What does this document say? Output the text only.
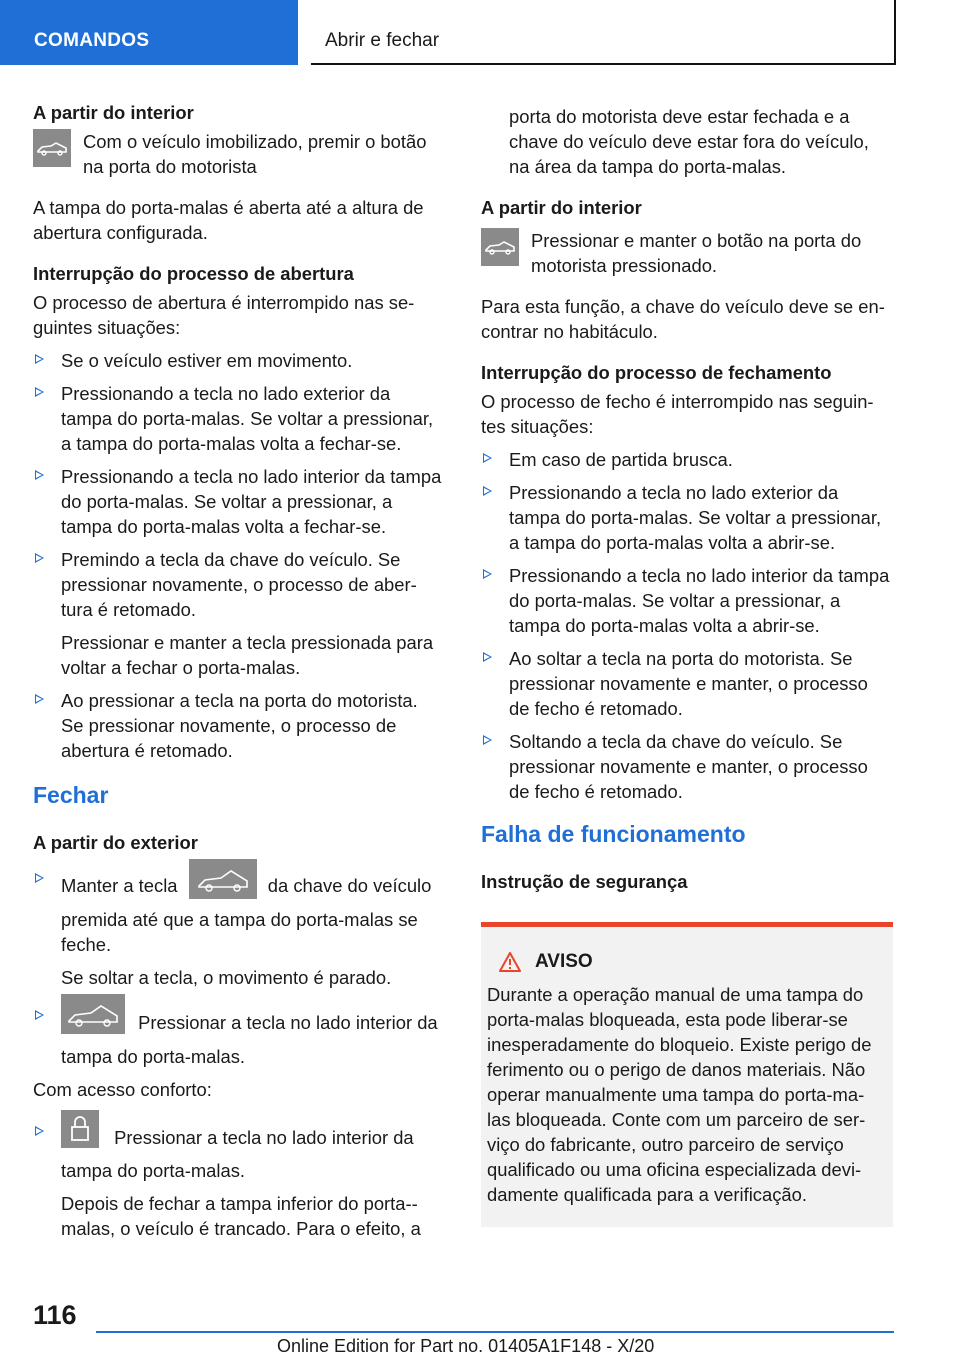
COMANDOS	Abrir e fechar
A partir do interior
Com o veículo imobilizado, premir o botão na porta do motorista

A tampa do porta-malas é aberta até a altura de abertura configurada.

Interrupção do processo de abertura

O processo de abertura é interrompido nas se-guintes situações:

Se o veículo estiver em movimento.
Pressionando a tecla no lado exterior da tampa do porta-malas. Se voltar a pressionar, a tampa do porta-malas volta a fechar-se.
Pressionando a tecla no lado interior da tampa do porta-malas. Se voltar a pressionar, a tampa do porta-malas volta a fechar-se.
Premindo a tecla da chave do veículo. Se pressionar novamente, o processo de aber-tura é retomado.
Pressionar e manter a tecla pressionada para voltar a fechar o porta-malas.
Ao pressionar a tecla na porta do motorista. Se pressionar novamente, o processo de abertura é retomado.
Fechar
A partir do exterior
Manter a tecla	da chave do veículo premida até que a tampa do porta-malas se feche.
Se soltar a tecla, o movimento é parado.
Pressionar a tecla no lado interior da tampa do porta-malas.

Com acesso conforto:

Pressionar a tecla no lado interior da tampa do porta-malas.
Depois de fechar a tampa inferior do porta--malas, o veículo é trancado. Para o efeito, a

porta do motorista deve estar fechada e a chave do veículo deve estar fora do veículo, na área da tampa do porta-malas.

A partir do interior
Pressionar e manter o botão na porta do motorista pressionado.

Para esta função, a chave do veículo deve se en-contrar no habitáculo.

Interrupção do processo de fechamento

O processo de fecho é interrompido nas seguin-tes situações:

Em caso de partida brusca.
Pressionando a tecla no lado exterior da tampa do porta-malas. Se voltar a pressionar, a tampa do porta-malas volta a abrir-se.
Pressionando a tecla no lado interior da tampa do porta-malas. Se voltar a pressionar, a tampa do porta-malas volta a abrir-se.
Ao soltar a tecla na porta do motorista. Se pressionar novamente e manter, o processo de fecho é retomado.
Soltando a tecla da chave do veículo. Se pressionar novamente e manter, o processo de fecho é retomado.
Falha de funcionamento
Instrução de segurança
AVISO
Durante a operação manual de uma tampa do porta-malas bloqueada, esta pode liberar-se inesperadamente do bloqueio. Existe perigo de ferimento ou o perigo de danos materiais. Não operar manualmente uma tampa do porta-ma-las bloqueada. Conte com um parceiro de ser-viço do fabricante, outro parceiro de serviço qualificado ou uma oficina especializada devi-damente qualificada para a verificação.
116
Online Edition for Part no. 01405A1F148 - X/20
